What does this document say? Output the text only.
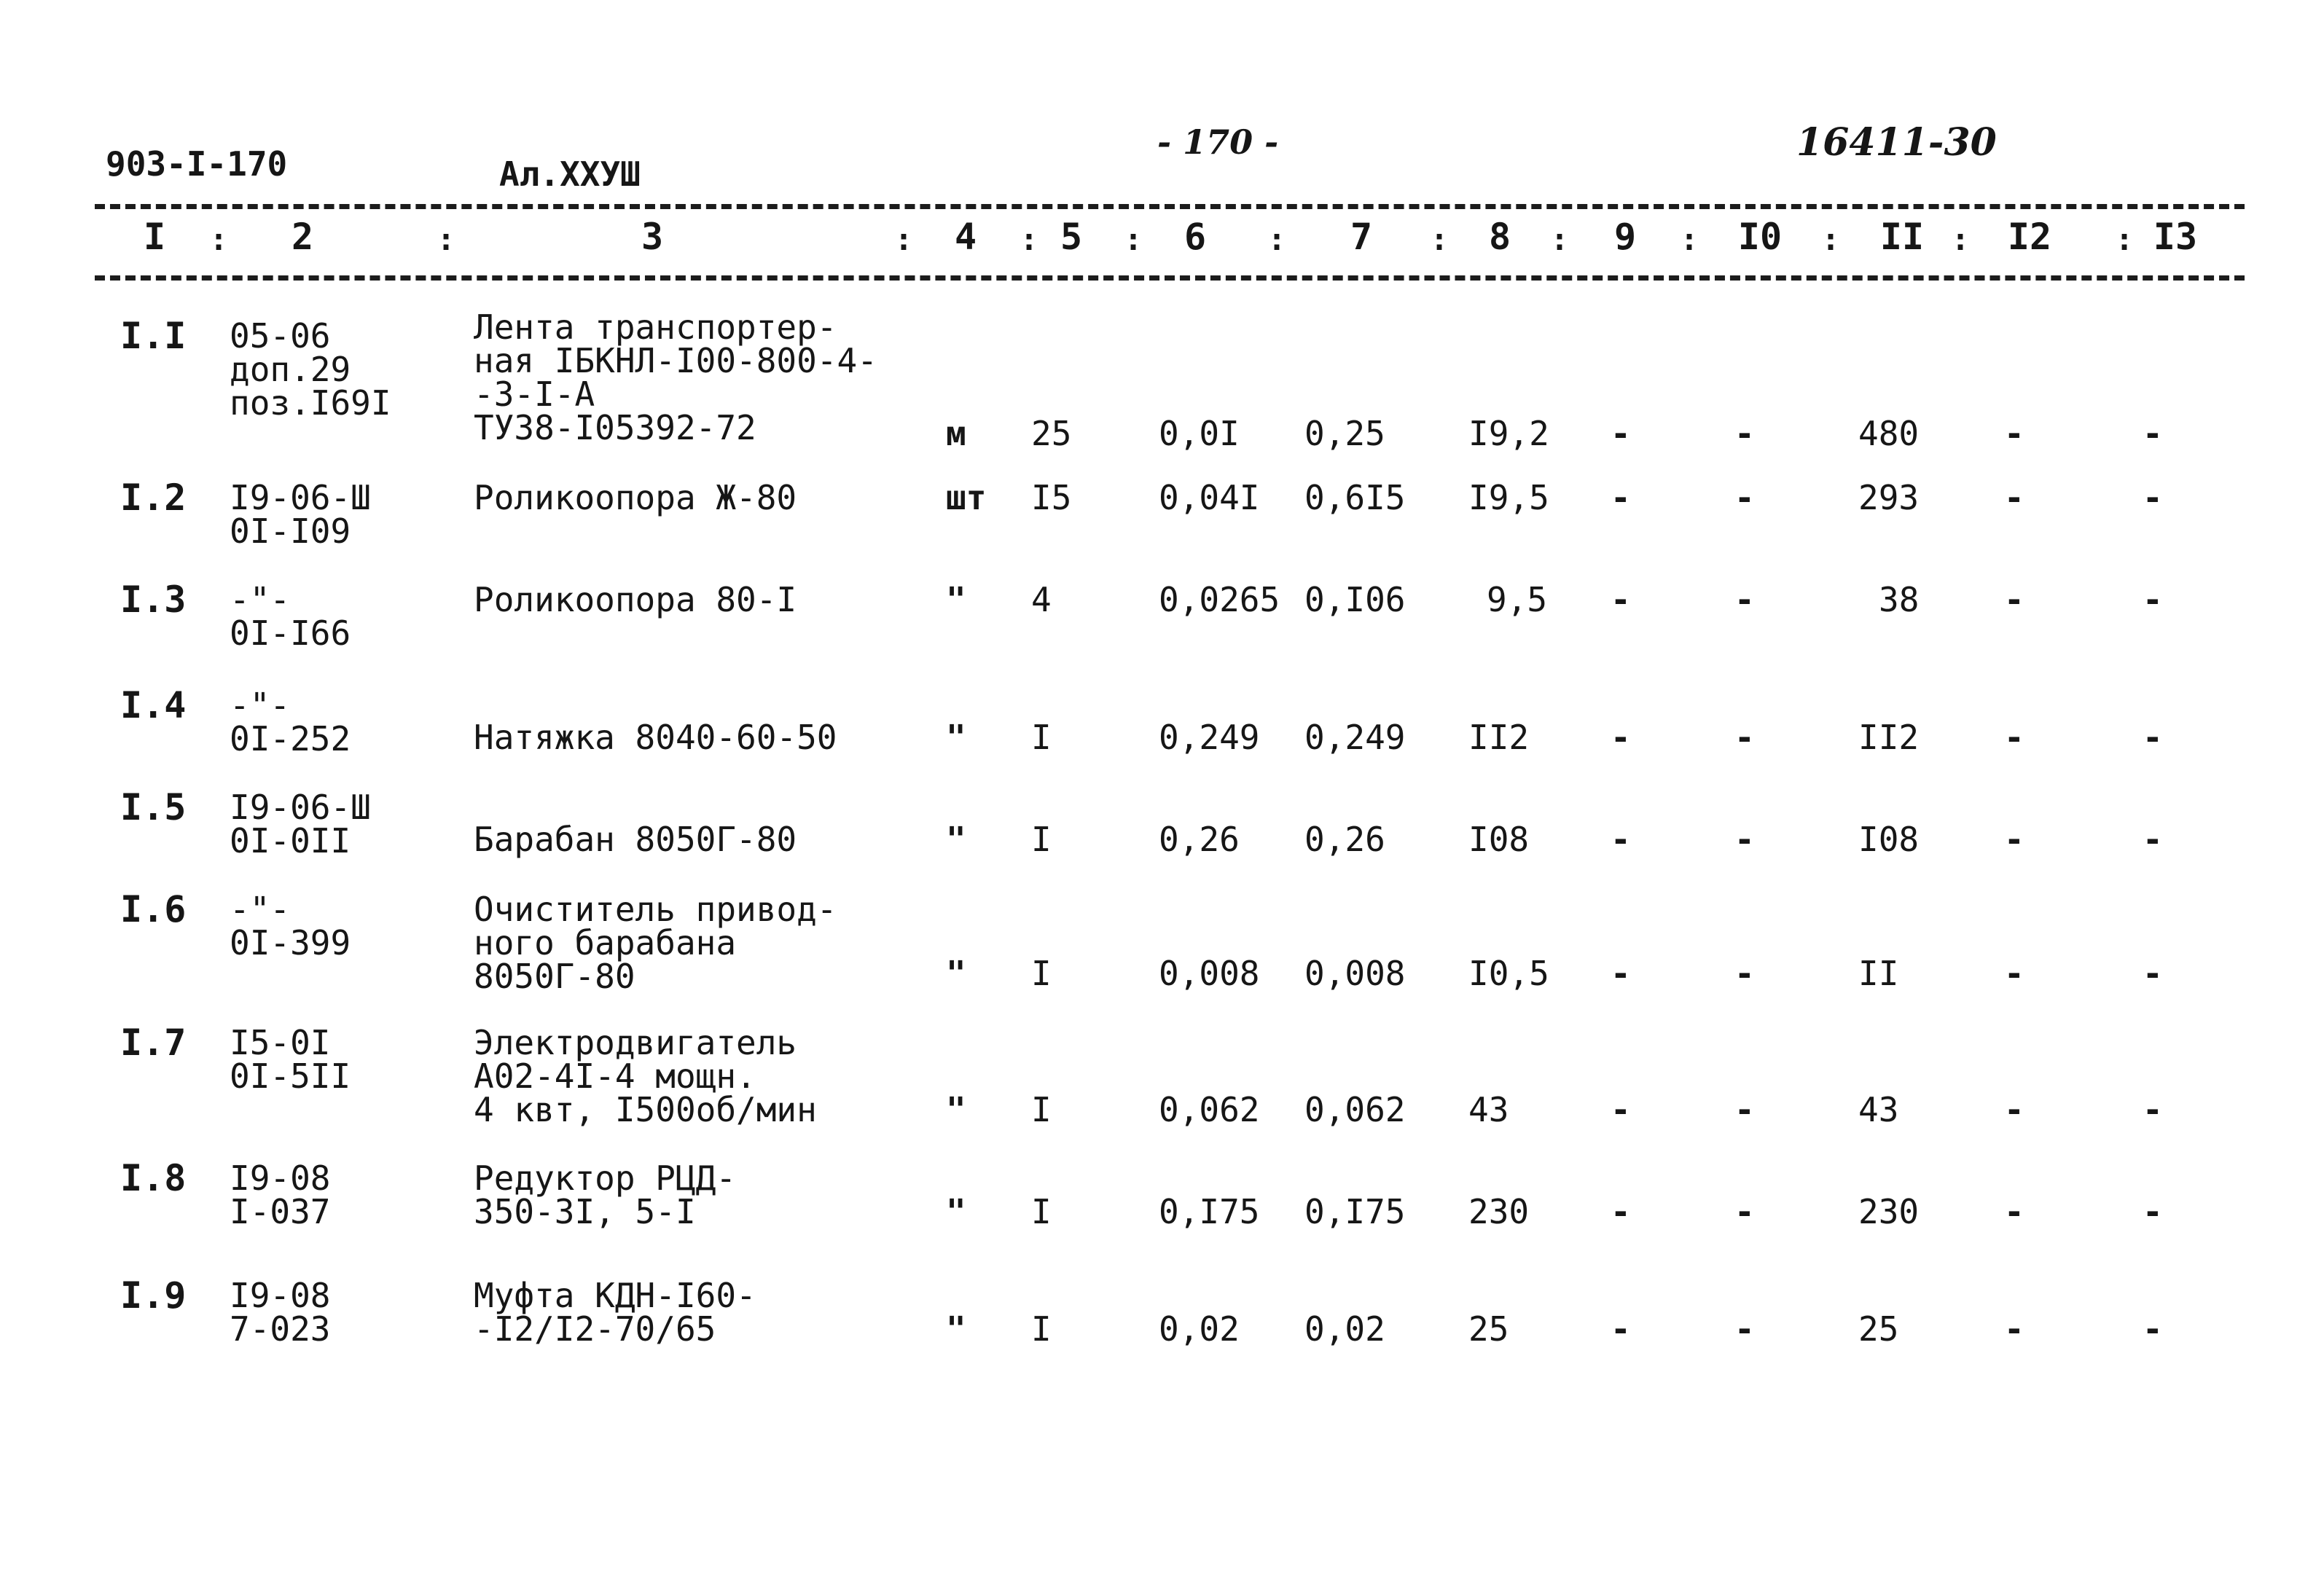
903-I-170	Ал.XXУШ
- 170 -	16411-30
I : 2	:	3	: 4 : 5 : 6 : 7 : 8 : 9 : I0 : II : I2 : I3
I.I 05-06
доп.29
поз.I69I
Лента транспортер-
ная IБКНЛ-I00-800-4-
-3-I-А
ТУ38-I05392-72	м 25	0,0I 0,25 I9,2 -	-	480	-	-
I.2 I9-06-Ш
0I-I09
Роликоопора Ж-80	шт I5	0,04I 0,6I5 I9,5 -	-	293	-	-
I.3 -"-
0I-I66
Роликоопора 80-I	" 4	0,0265 0,I06 9,5 -	-	38	-	-
I.4 -"-
0I-252	Натяжка 8040-60-50	" I	0,249 0,249 II2 -	-	II2	-	-
I.5 I9-06-Ш
0I-0II	Барабан 8050Г-80	" I	0,26 0,26 I08 -	-	I08	-	-
I.6 -"-
0I-399
Очиститель привод-
ного барабана
8050Г-80	" I	0,008 0,008 I0,5 -	-	II	-	-
I.7 I5-0I
0I-5II
Электродвигатель
А02-4I-4 мощн.
4 квт, I500об/мин	" I	0,062 0,062 43	-	-	43	-	-
I.8 I9-08
I-037
Редуктор РЦД-
350-3I, 5-I	" I	0,I75 0,I75 230 -	-	230	-	-
I.9 I9-08
7-023
Муфта КДН-I60-
-I2/I2-70/65	" I	0,02 0,02 25	-	-	25	-	-
